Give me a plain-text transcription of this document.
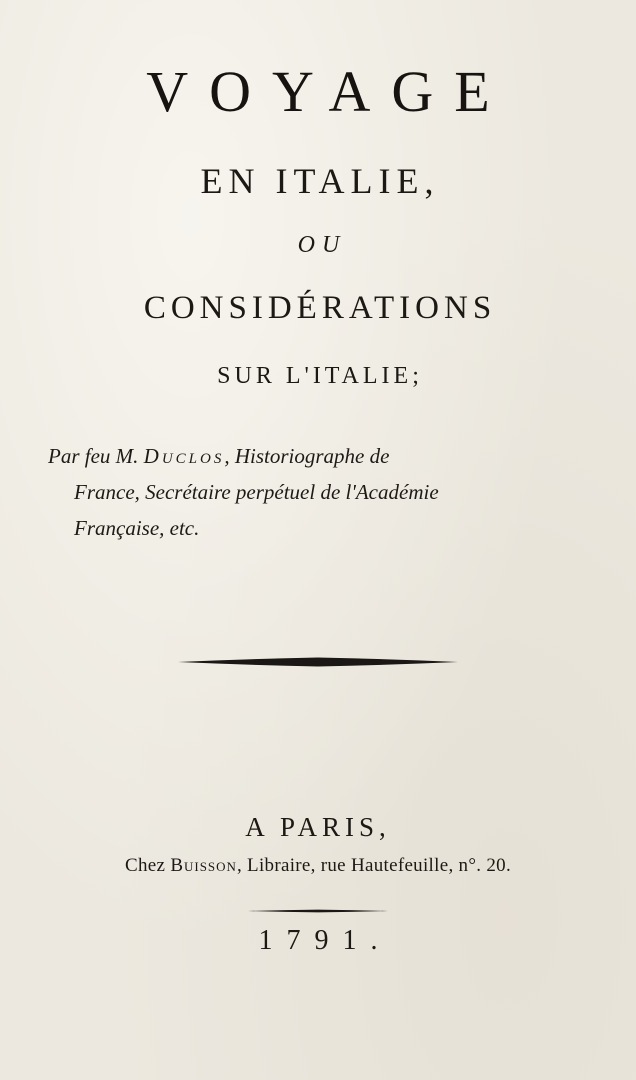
VOYAGE
EN ITALIE,
OU
CONSIDÉRATIONS
SUR L'ITALIE;
Par feu M. Duclos, Historiographe de
France, Secrétaire perpétuel de l'Académie
Française, etc.
A PARIS,
Chez Buisson, Libraire, rue Hautefeuille, n°. 20.
1791.
